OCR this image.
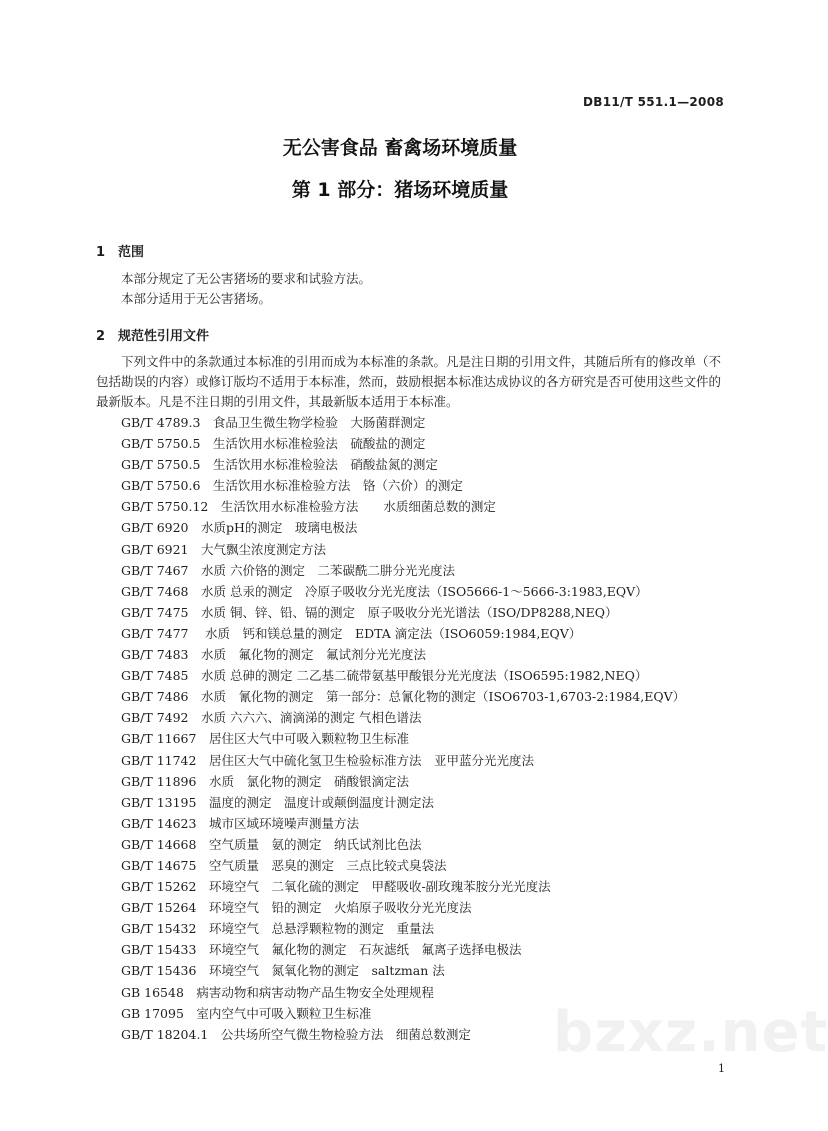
DB11/T 551.1—2008
无公害食品 畜禽场环境质量
第 1 部分：猪场环境质量
1 范围

本部分规定了无公害猪场的要求和试验方法。

本部分适用于无公害猪场。

2 规范性引用文件

下列文件中的条款通过本标准的引用而成为本标准的条款。凡是注日期的引用文件，其随后所有的修改单（不包括勘误的内容）或修订版均不适用于本标准，然而，鼓励根据本标准达成协议的各方研究是否可使用这些文件的最新版本。凡是不注日期的引用文件，其最新版本适用于本标准。

GB/T 4789.3　食品卫生微生物学检验　大肠菌群测定
GB/T 5750.5　生活饮用水标准检验法　硫酸盐的测定
GB/T 5750.5　生活饮用水标准检验法　硝酸盐氮的测定
GB/T 5750.6　生活饮用水标准检验方法　铬（六价）的测定
GB/T 5750.12　生活饮用水标准检验方法　　水质细菌总数的测定
GB/T 6920　水质pH的测定　玻璃电极法
GB/T 6921　大气飘尘浓度测定方法
GB/T 7467　水质 六价铬的测定　二苯碳酰二肼分光光度法
GB/T 7468　水质 总汞的测定　冷原子吸收分光光度法（ISO5666-1～5666-3:1983,EQV）
GB/T 7475　水质 铜、锌、铅、镉的测定　原子吸收分光光谱法（ISO/DP8288,NEQ）
GB/T 7477　 水质　钙和镁总量的测定　EDTA 滴定法（ISO6059:1984,EQV）
GB/T 7483　水质　氟化物的测定　氟试剂分光光度法
GB/T 7485　水质 总砷的测定 二乙基二硫带氨基甲酸银分光光度法（ISO6595:1982,NEQ）
GB/T 7486　水质　氰化物的测定　第一部分：总氰化物的测定（ISO6703-1,6703-2:1984,EQV）
GB/T 7492　水质 六六六、滴滴涕的测定 气相色谱法
GB/T 11667　居住区大气中可吸入颗粒物卫生标准
GB/T 11742　居住区大气中硫化氢卫生检验标准方法　亚甲蓝分光光度法
GB/T 11896　水质　氯化物的测定　硝酸银滴定法
GB/T 13195　温度的测定　温度计或颠倒温度计测定法
GB/T 14623　城市区域环境噪声测量方法
GB/T 14668　空气质量　氨的测定　纳氏试剂比色法
GB/T 14675　空气质量　恶臭的测定　三点比较式臭袋法
GB/T 15262　环境空气　二氧化硫的测定　甲醛吸收-副玫瑰苯胺分光光度法
GB/T 15264　环境空气　铅的测定　火焰原子吸收分光光度法
GB/T 15432　环境空气　总悬浮颗粒物的测定　重量法
GB/T 15433　环境空气　氟化物的测定　石灰滤纸　氟离子选择电极法
GB/T 15436　环境空气　氮氧化物的测定　saltzman 法
GB 16548　病害动物和病害动物产品生物安全处理规程
GB 17095　室内空气中可吸入颗粒卫生标准
GB/T 18204.1　公共场所空气微生物检验方法　细菌总数测定	bzxz.net
1
